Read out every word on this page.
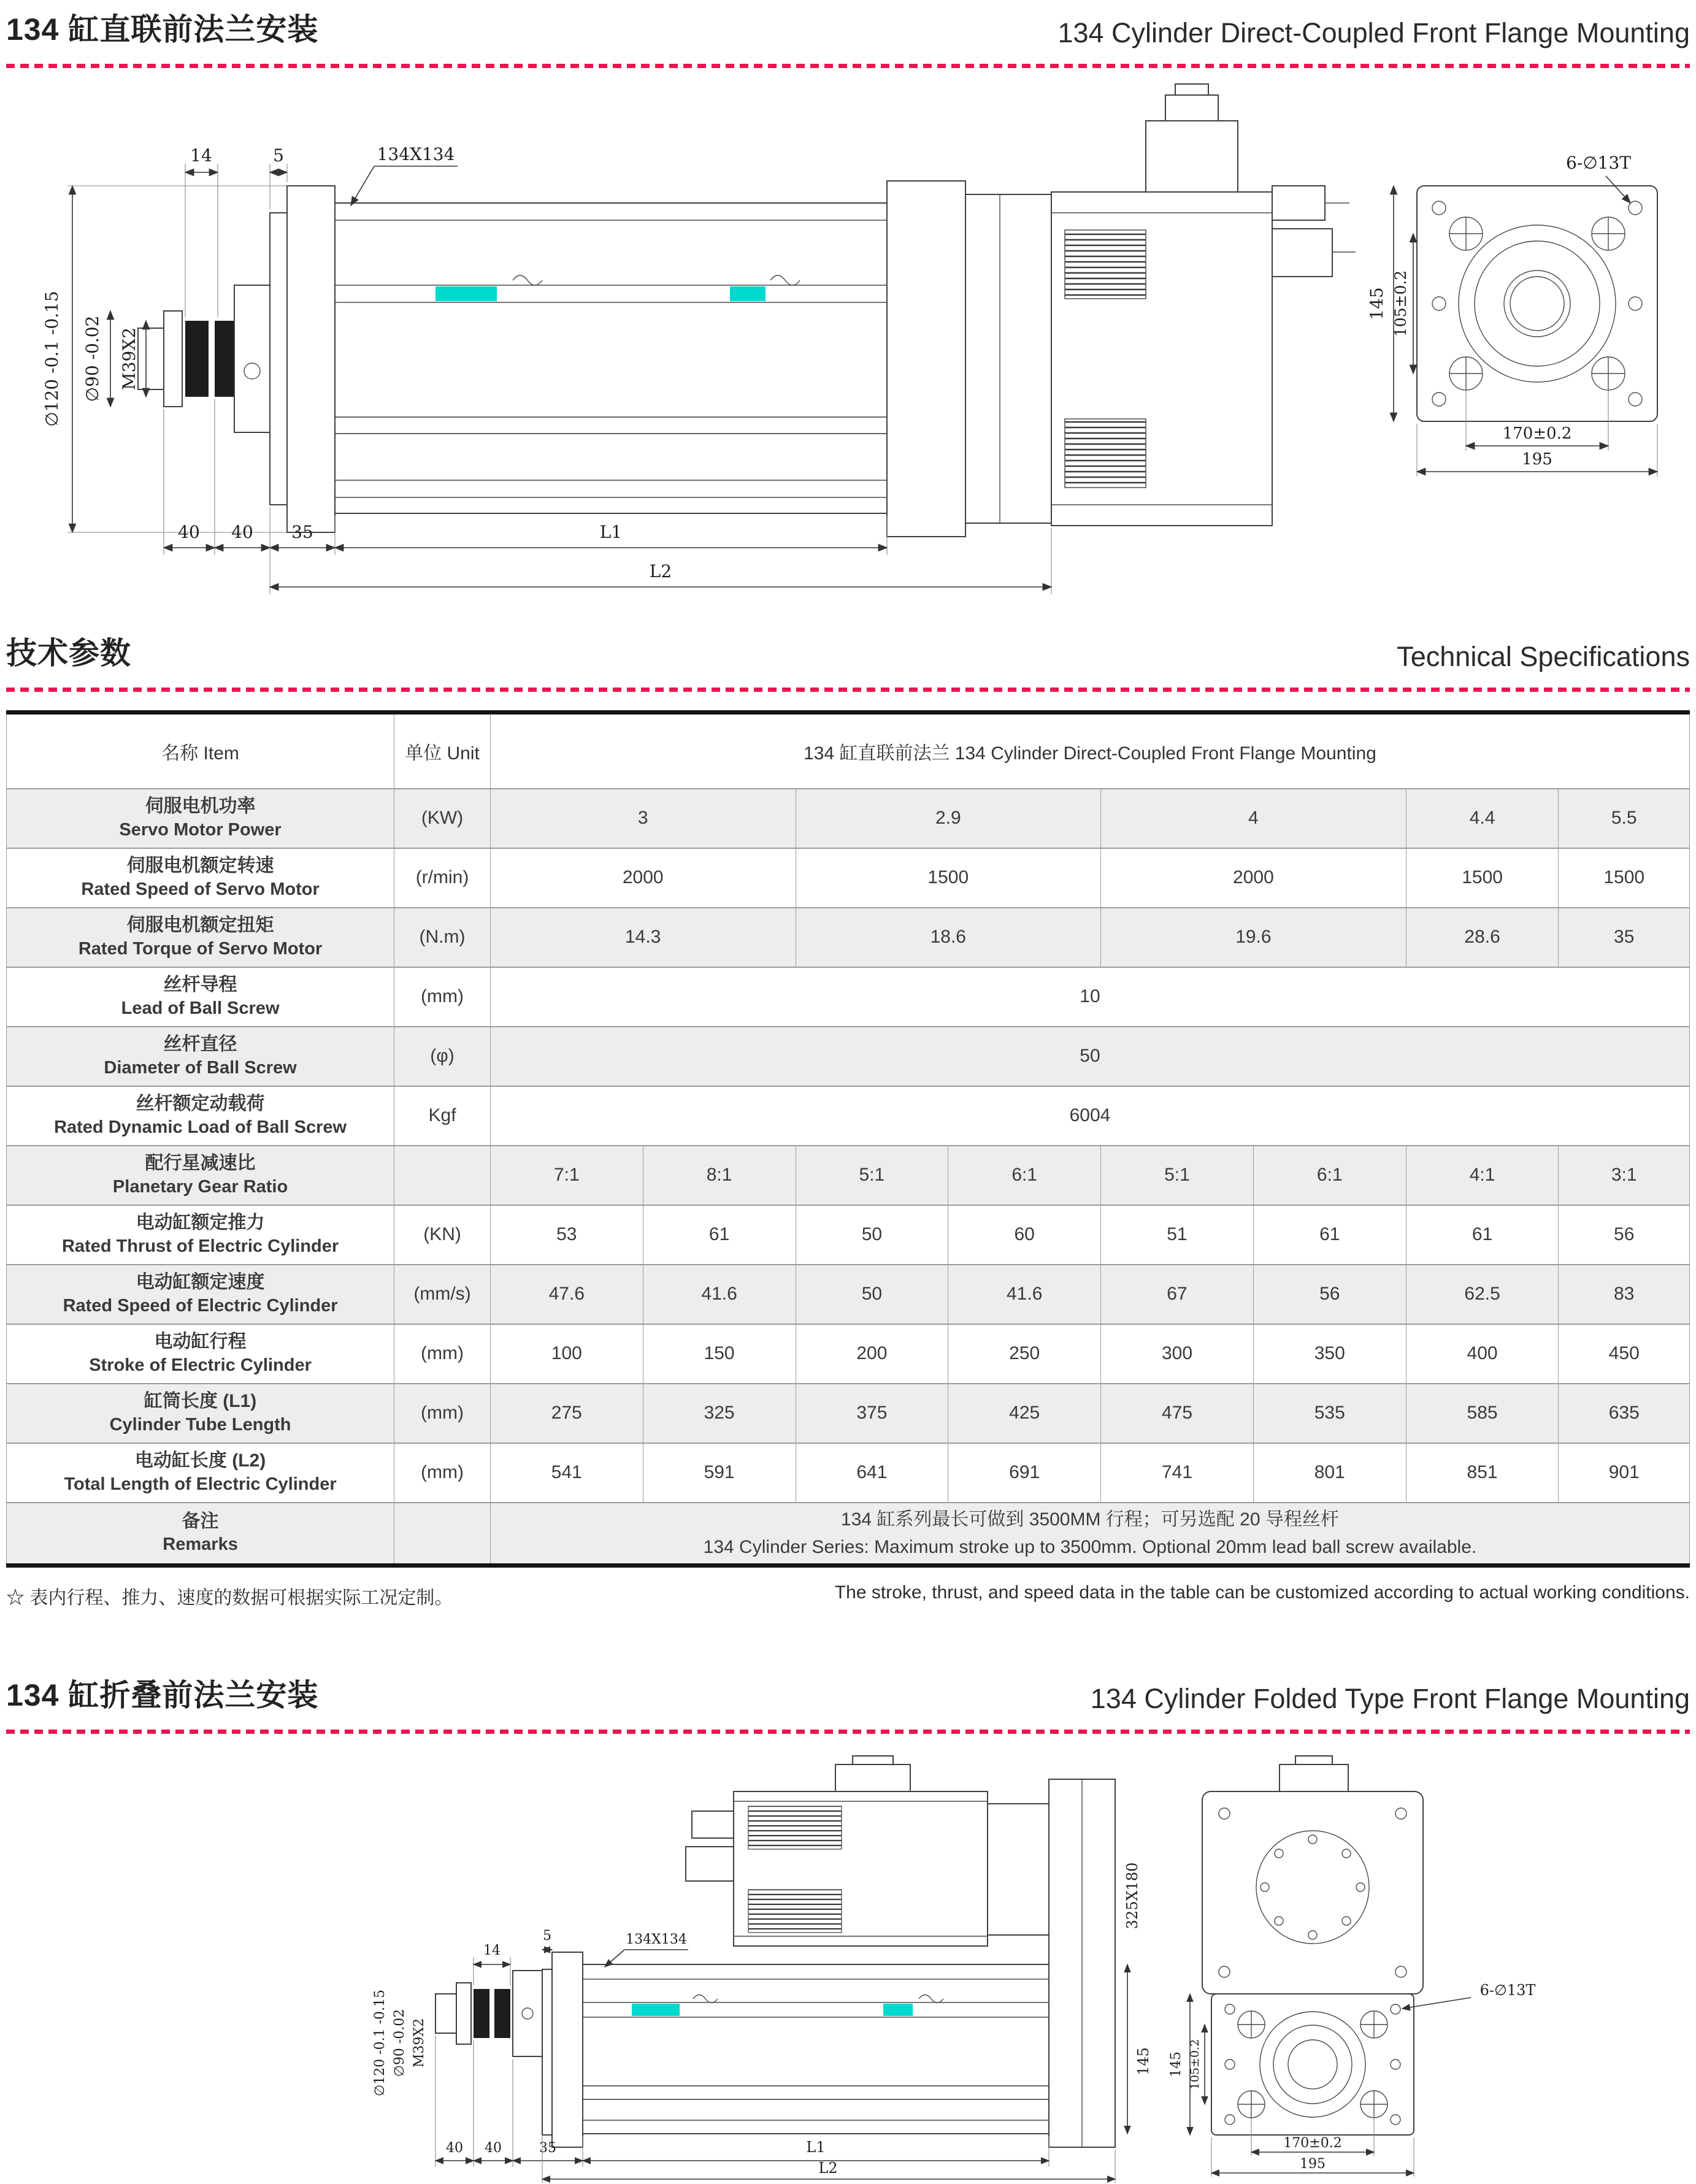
134 缸直联前法兰安装	134 Cylinder Direct-Coupled Front Flange Mounting
14	5	134X134
∅120 -0.1 -0.15 ∅90 -0.02 M39X2
40 40 35	L1
L2
6-∅13T
145 105±0.2
170±0.2
195
技术参数	Technical Specifications
名称 Item	单位 Unit	134 缸直联前法兰 134 Cylinder Direct-Coupled Front Flange Mounting							

伺服电机功率
Servo Motor Power	(KW)	3		2.9		4		4.4	5.5

伺服电机额定转速
Rated Speed of Servo Motor	(r/min)	2000		1500		2000		1500	1500

伺服电机额定扭矩
Rated Torque of Servo Motor	(N.m)	14.3		18.6		19.6		28.6	35

丝杆导程
Lead of Ball Screw	(mm)	10							

丝杆直径
Diameter of Ball Screw	(φ)	50							

丝杆额定动载荷
Rated Dynamic Load of Ball Screw	Kgf	6004							

配行星减速比
Planetary Gear Ratio		7:1	8:1	5:1	6:1	5:1	6:1	4:1	3:1

电动缸额定推力
Rated Thrust of Electric Cylinder	(KN)	53	61	50	60	51	61	61	56

电动缸额定速度
Rated Speed of Electric Cylinder	(mm/s)	47.6	41.6	50	41.6	67	56	62.5	83

电动缸行程
Stroke of Electric Cylinder	(mm)	100	150	200	250	300	350	400	450

缸筒长度 (L1)
Cylinder Tube Length	(mm)	275	325	375	425	475	535	585	635

电动缸长度 (L2)
Total Length of Electric Cylinder	(mm)	541	591	641	691	741	801	851	901

备注
Remarks

134 缸系列最长可做到 3500MM 行程；可另选配 20 导程丝杆
134 Cylinder Series: Maximum stroke up to 3500mm. Optional 20mm lead ball screw available.
☆ 表内行程、推力、速度的数据可根据实际工况定制。	The stroke, thrust, and speed data in the table can be customized according to actual working conditions.
134 缸折叠前法兰安装	134 Cylinder Folded Type Front Flange Mounting
∅120 -0.1 -0.15 ∅90 -0.02 M39X2
14
5	134X134
325X180
145
40 40	35	L1
L2
6-∅13T
145 105±0.2
170±0.2
195
